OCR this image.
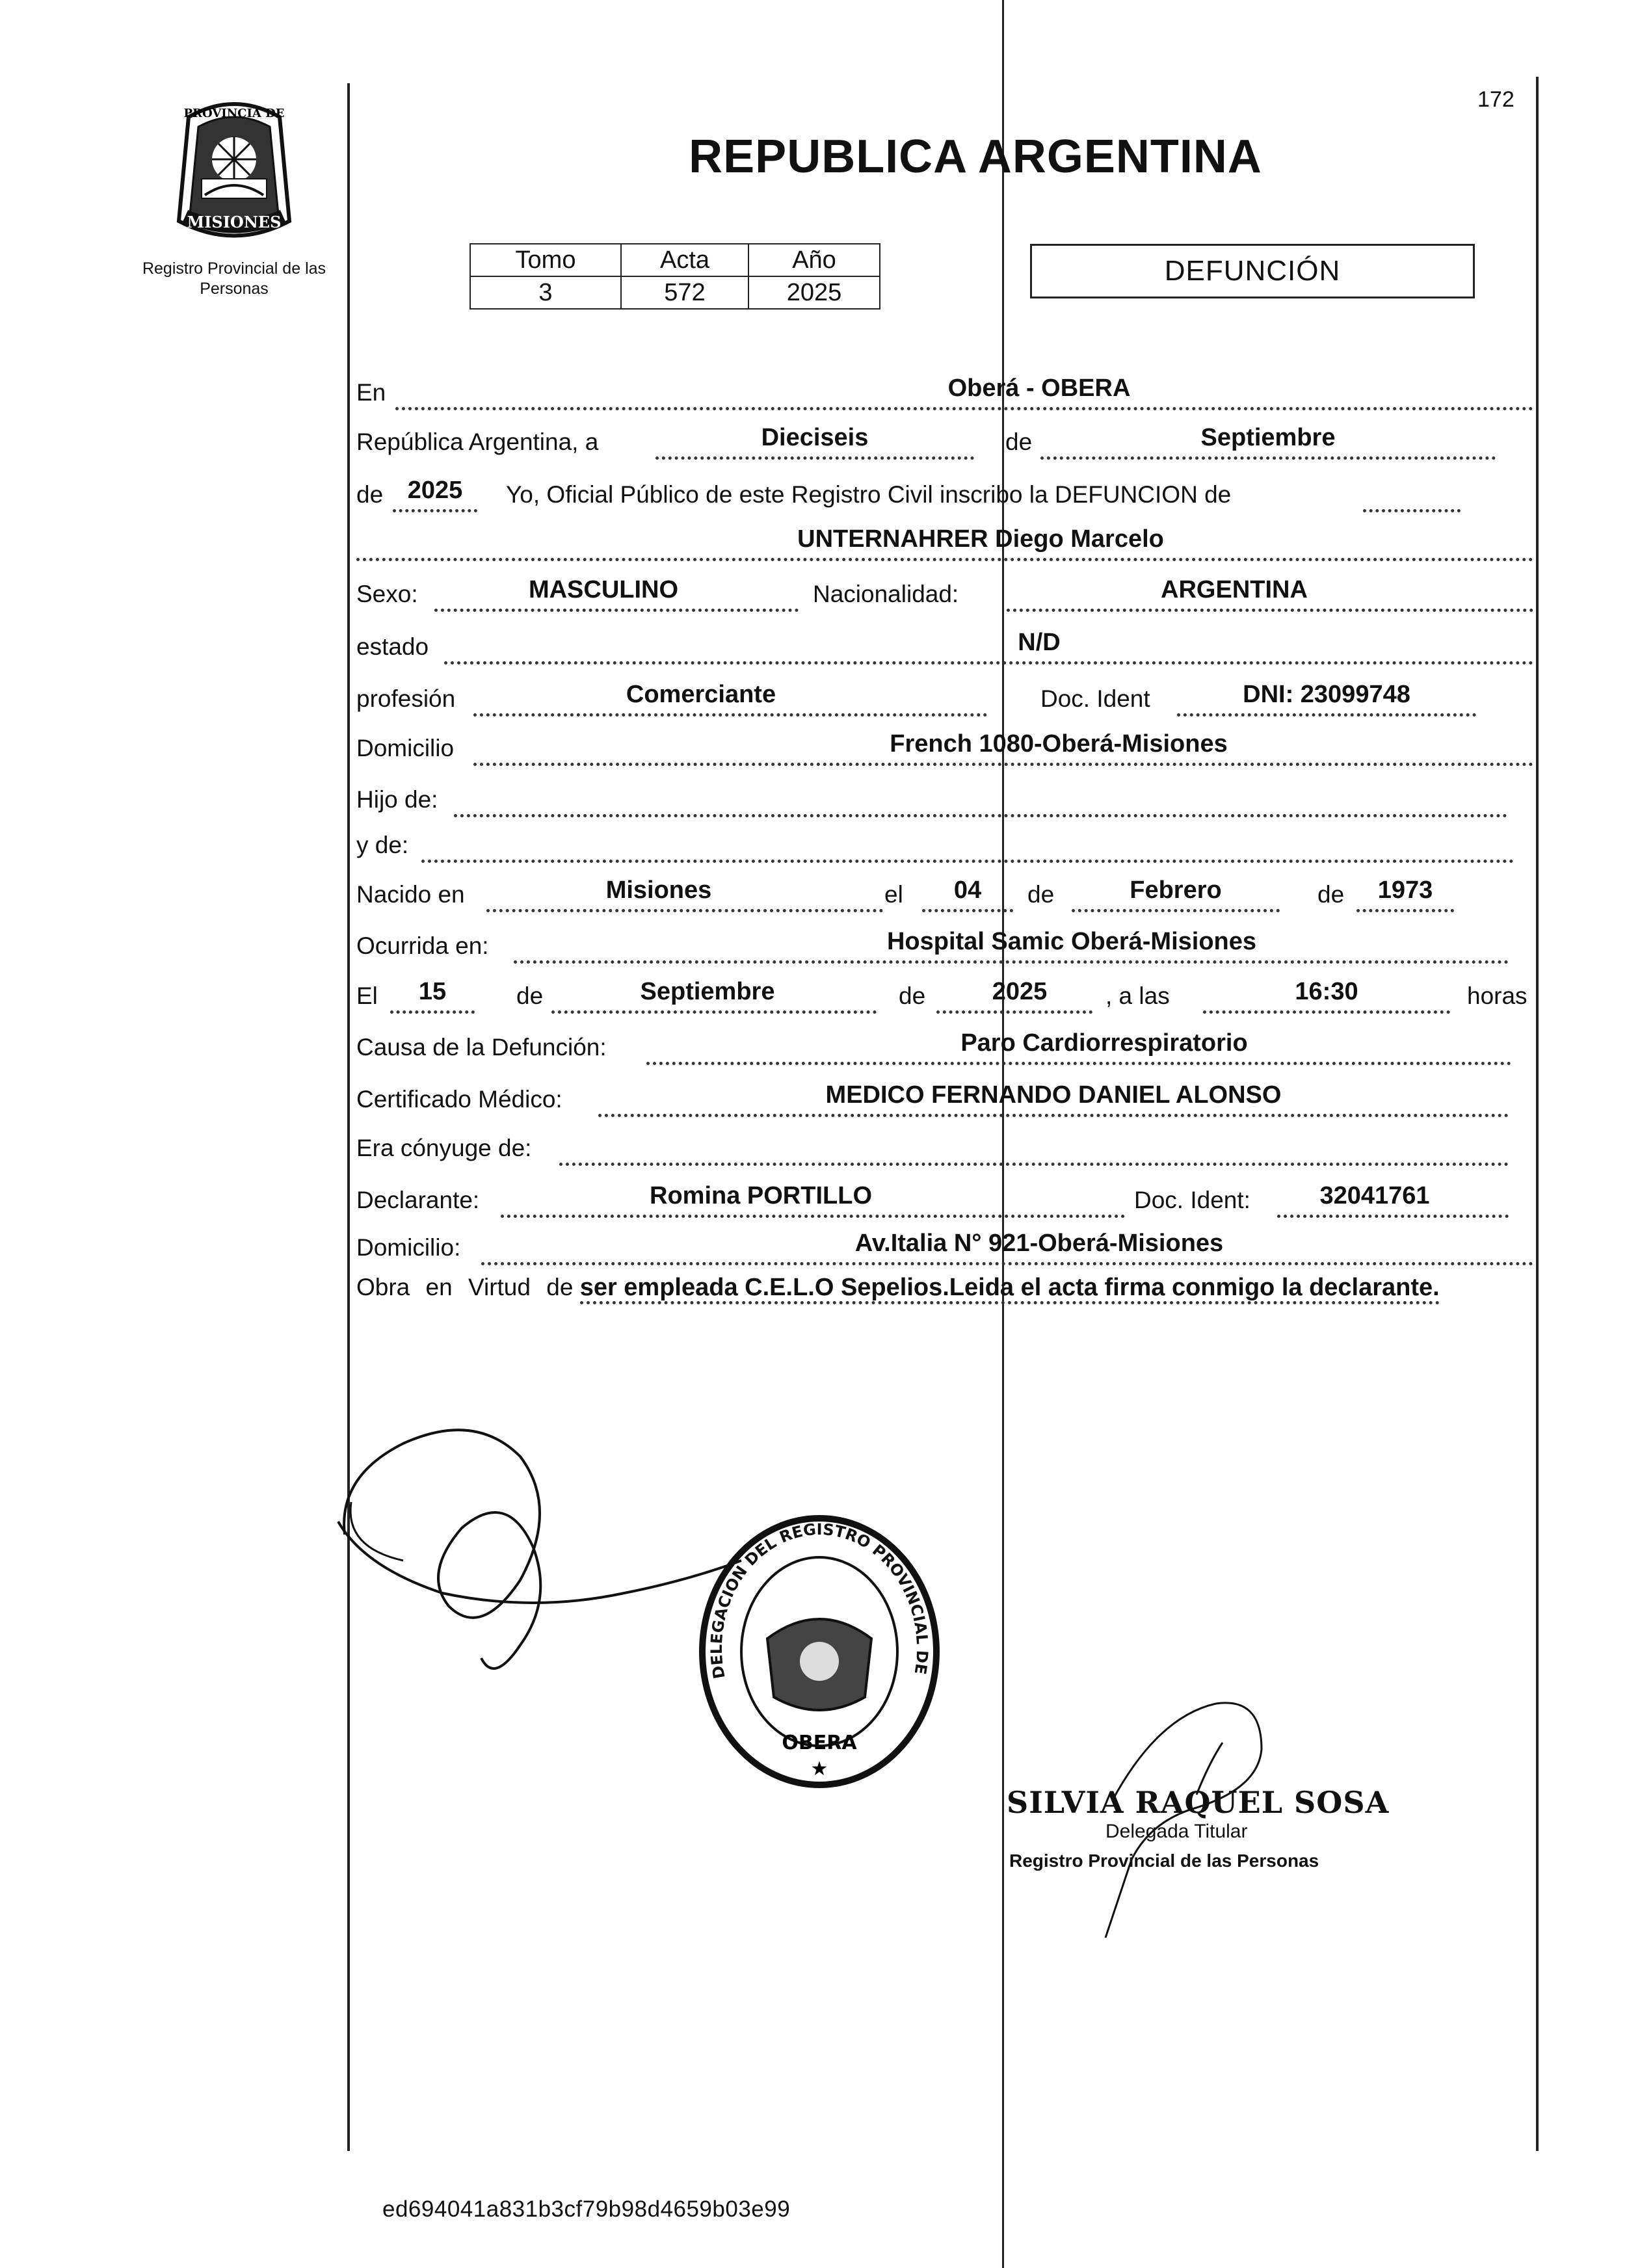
PROVINCIA DE
MISIONES
Registro Provincial de las Personas
172
REPUBLICA ARGENTINA
Tomo	Acta	Año
3	572	2025
DEFUNCIÓN
En	Oberá - OBERA
República Argentina, a	Dieciseis	de	Septiembre
de 2025	Yo, Oficial Público de este Registro Civil inscribo la DEFUNCION de
UNTERNAHRER Diego Marcelo
Sexo:	MASCULINO	Nacionalidad:	ARGENTINA
estado	N/D
profesión	Comerciante	Doc. Ident	DNI: 23099748
Domicilio	French 1080-Oberá-Misiones
Hijo de:
y de:
Nacido en	Misiones	el	04	de	Febrero	de	1973
Ocurrida en:	Hospital Samic Oberá-Misiones
El	15	de	Septiembre	de	2025	, a las	16:30	horas
Causa de la Defunción:	Paro Cardiorrespiratorio
Certificado Médico:	MEDICO FERNANDO DANIEL ALONSO
Era cónyuge de:
Declarante:	Romina PORTILLO	Doc. Ident:	32041761
Domicilio:	Av.Italia N° 921-Oberá-Misiones
Obra en Virtud de ser empleada C.E.L.O Sepelios.Leida el acta firma conmigo la declarante.
DELEGACION DEL REGISTRO PROVINCIAL DE
OBERA
★
SILVIA RAQUEL SOSA
Delegada Titular
Registro Provincial de las Personas
ed694041a831b3cf79b98d4659b03e99
